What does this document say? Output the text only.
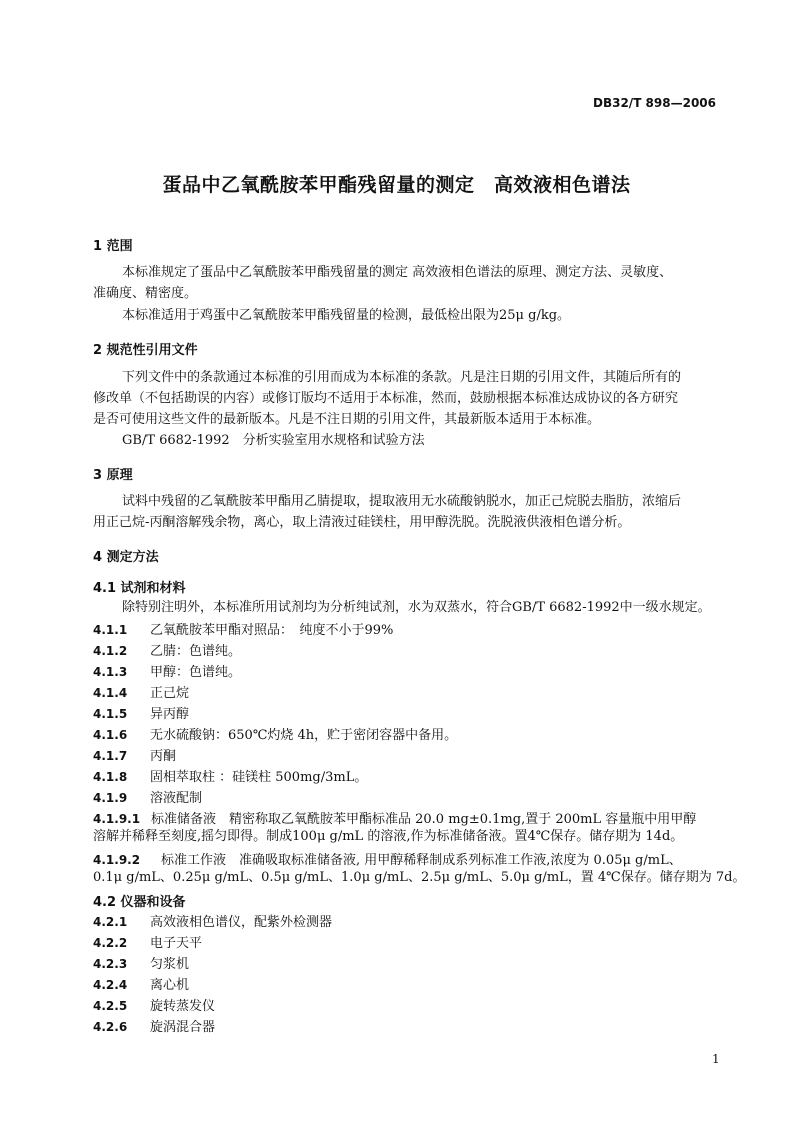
DB32/T 898—2006
蛋品中乙氧酰胺苯甲酯残留量的测定　高效液相色谱法
1 范围
本标准规定了蛋品中乙氧酰胺苯甲酯残留量的测定 高效液相色谱法的原理、测定方法、灵敏度、
准确度、精密度。
本标准适用于鸡蛋中乙氧酰胺苯甲酯残留量的检测，最低检出限为25μ g/kg。
2 规范性引用文件
下列文件中的条款通过本标准的引用而成为本标准的条款。凡是注日期的引用文件，其随后所有的
修改单（不包括勘误的内容）或修订版均不适用于本标准，然而，鼓励根据本标准达成协议的各方研究
是否可使用这些文件的最新版本。凡是不注日期的引用文件，其最新版本适用于本标准。
GB/T 6682-1992　分析实验室用水规格和试验方法
3 原理
试料中残留的乙氧酰胺苯甲酯用乙腈提取，提取液用无水硫酸钠脱水，加正己烷脱去脂肪，浓缩后
用正己烷-丙酮溶解残余物，离心，取上清液过硅镁柱，用甲醇洗脱。洗脱液供液相色谱分析。
4 测定方法
4.1 试剂和材料
除特别注明外，本标准所用试剂均为分析纯试剂，水为双蒸水，符合GB/T 6682-1992中一级水规定。
4.1.1 乙氧酰胺苯甲酯对照品：　纯度不小于99%
4.1.2 乙腈：色谱纯。
4.1.3 甲醇：色谱纯。
4.1.4 正己烷
4.1.5 异丙醇
4.1.6 无水硫酸钠：650℃灼烧 4h，贮于密闭容器中备用。
4.1.7 丙酮
4.1.8 固相萃取柱 ：硅镁柱 500mg/3mL。
4.1.9 溶液配制
4.1.9.1 标准储备液　精密称取乙氧酰胺苯甲酯标准品 20.0 mg±0.1mg,置于 200mL 容量瓶中用甲醇
溶解并稀释至刻度,摇匀即得。制成100μ g/mL 的溶液,作为标准储备液。置4℃保存。储存期为 14d。
4.1.9.2 标准工作液　准确吸取标准储备液, 用甲醇稀释制成系列标准工作液,浓度为 0.05μ g/mL、
0.1μ g/mL、0.25μ g/mL、0.5μ g/mL、1.0μ g/mL、2.5μ g/mL、5.0μ g/mL，置 4℃保存。储存期为 7d。
4.2 仪器和设备
4.2.1 高效液相色谱仪，配紫外检测器
4.2.2 电子天平
4.2.3 匀浆机
4.2.4 离心机
4.2.5 旋转蒸发仪
4.2.6 旋涡混合器
1
